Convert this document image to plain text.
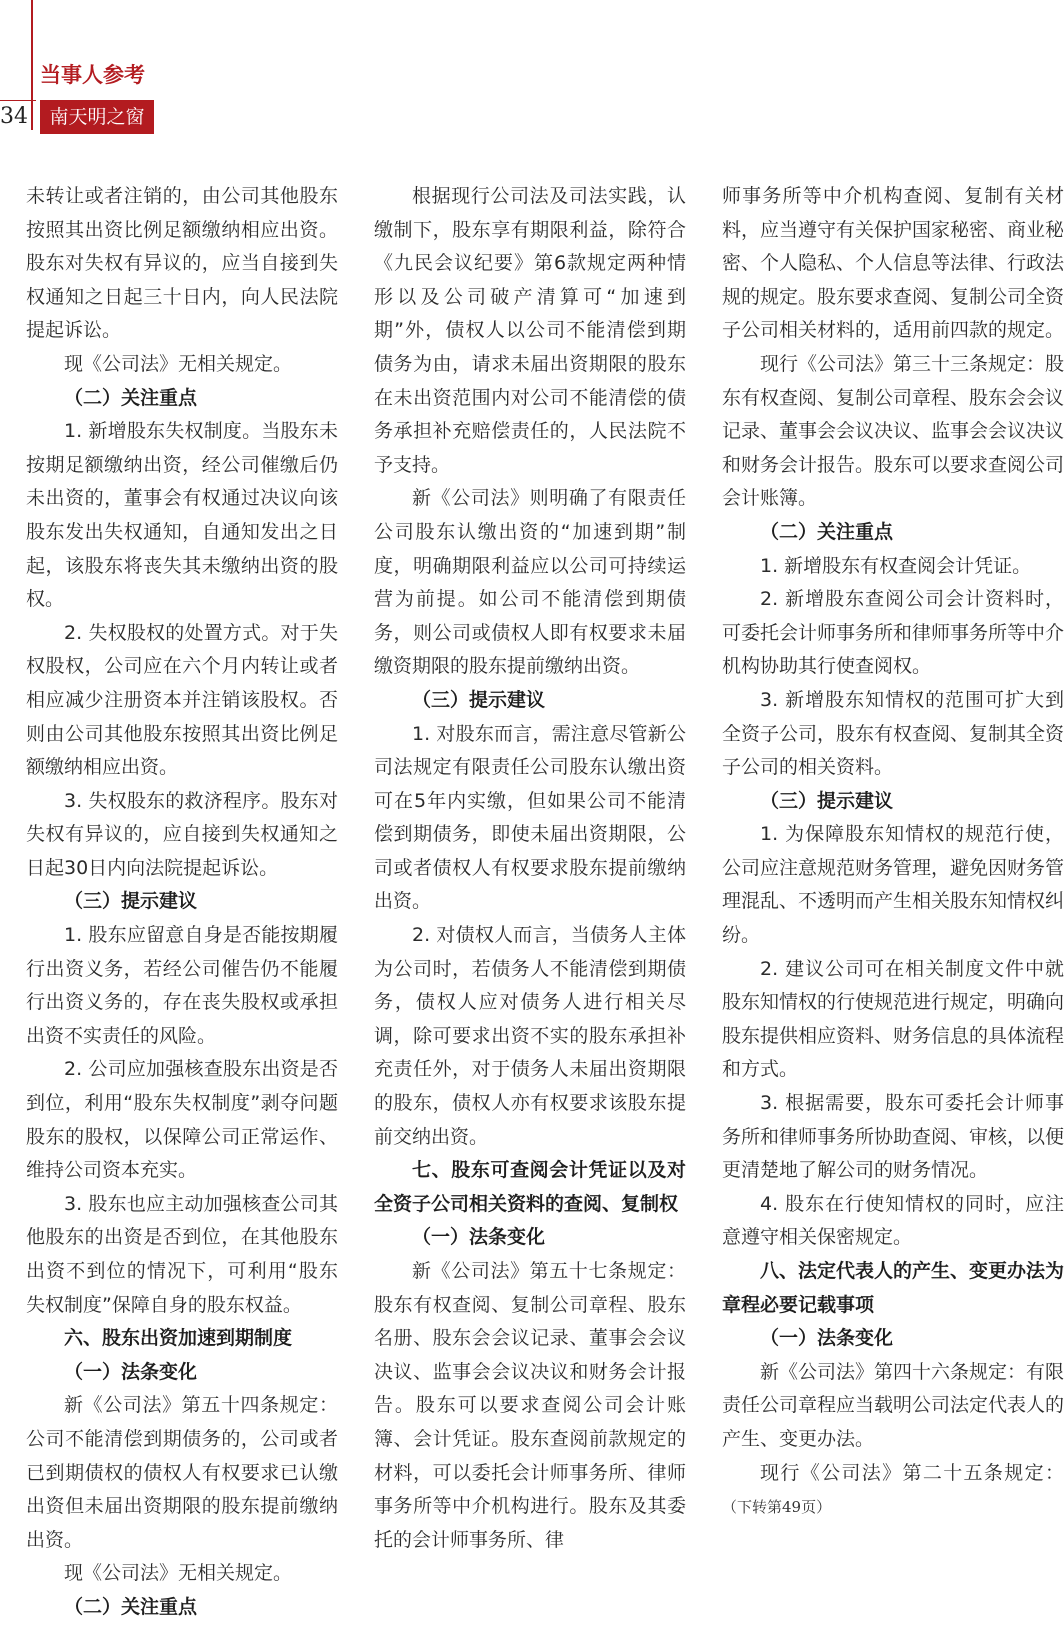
34
当事人参考
南天明之窗

未转让或者注销的，由公司其他股东按照其出资比例足额缴纳相应出资。股东对失权有异议的，应当自接到失权通知之日起三十日内，向人民法院提起诉讼。

现《公司法》无相关规定。

（二）关注重点

1. 新增股东失权制度。当股东未按期足额缴纳出资，经公司催缴后仍未出资的，董事会有权通过决议向该股东发出失权通知，自通知发出之日起，该股东将丧失其未缴纳出资的股权。

2. 失权股权的处置方式。对于失权股权，公司应在六个月内转让或者相应减少注册资本并注销该股权。否则由公司其他股东按照其出资比例足额缴纳相应出资。

3. 失权股东的救济程序。股东对失权有异议的，应自接到失权通知之日起30日内向法院提起诉讼。

（三）提示建议

1. 股东应留意自身是否能按期履行出资义务，若经公司催告仍不能履行出资义务的，存在丧失股权或承担出资不实责任的风险。

2. 公司应加强核查股东出资是否到位，利用“股东失权制度”剥夺问题股东的股权，以保障公司正常运作、维持公司资本充实。

3. 股东也应主动加强核查公司其他股东的出资是否到位，在其他股东出资不到位的情况下，可利用“股东失权制度”保障自身的股东权益。

六、股东出资加速到期制度

（一）法条变化

新《公司法》第五十四条规定：公司不能清偿到期债务的，公司或者已到期债权的债权人有权要求已认缴出资但未届出资期限的股东提前缴纳出资。

现《公司法》无相关规定。

（二）关注重点

根据现行公司法及司法实践，认缴制下，股东享有期限利益，除符合《九民会议纪要》第6款规定两种情形以及公司破产清算可“加速到期”外，债权人以公司不能清偿到期债务为由，请求未届出资期限的股东在未出资范围内对公司不能清偿的债务承担补充赔偿责任的，人民法院不予支持。

新《公司法》则明确了有限责任公司股东认缴出资的“加速到期”制度，明确期限利益应以公司可持续运营为前提。如公司不能清偿到期债务，则公司或债权人即有权要求未届缴资期限的股东提前缴纳出资。

（三）提示建议

1. 对股东而言，需注意尽管新公司法规定有限责任公司股东认缴出资可在5年内实缴，但如果公司不能清偿到期债务，即使未届出资期限，公司或者债权人有权要求股东提前缴纳出资。

2. 对债权人而言，当债务人主体为公司时，若债务人不能清偿到期债务，债权人应对债务人进行相关尽调，除可要求出资不实的股东承担补充责任外，对于债务人未届出资期限的股东，债权人亦有权要求该股东提前交纳出资。

七、股东可查阅会计凭证以及对全资子公司相关资料的查阅、复制权

（一）法条变化

新《公司法》第五十七条规定：股东有权查阅、复制公司章程、股东名册、股东会会议记录、董事会会议决议、监事会会议决议和财务会计报告。股东可以要求查阅公司会计账簿、会计凭证。股东查阅前款规定的材料，可以委托会计师事务所、律师事务所等中介机构进行。股东及其委托的会计师事务所、律

师事务所等中介机构查阅、复制有关材料，应当遵守有关保护国家秘密、商业秘密、个人隐私、个人信息等法律、行政法规的规定。股东要求查阅、复制公司全资子公司相关材料的，适用前四款的规定。

现行《公司法》第三十三条规定：股东有权查阅、复制公司章程、股东会会议记录、董事会会议决议、监事会会议决议和财务会计报告。股东可以要求查阅公司会计账簿。

（二）关注重点

1. 新增股东有权查阅会计凭证。

2. 新增股东查阅公司会计资料时，可委托会计师事务所和律师事务所等中介机构协助其行使查阅权。

3. 新增股东知情权的范围可扩大到全资子公司，股东有权查阅、复制其全资子公司的相关资料。

（三）提示建议

1. 为保障股东知情权的规范行使，公司应注意规范财务管理，避免因财务管理混乱、不透明而产生相关股东知情权纠纷。

2. 建议公司可在相关制度文件中就股东知情权的行使规范进行规定，明确向股东提供相应资料、财务信息的具体流程和方式。

3. 根据需要，股东可委托会计师事务所和律师事务所协助查阅、审核，以便更清楚地了解公司的财务情况。

4. 股东在行使知情权的同时，应注意遵守相关保密规定。

八、法定代表人的产生、变更办法为章程必要记载事项

（一）法条变化

新《公司法》第四十六条规定：有限责任公司章程应当载明公司法定代表人的产生、变更办法。

现行《公司法》第二十五条规定：（下转第49页）
